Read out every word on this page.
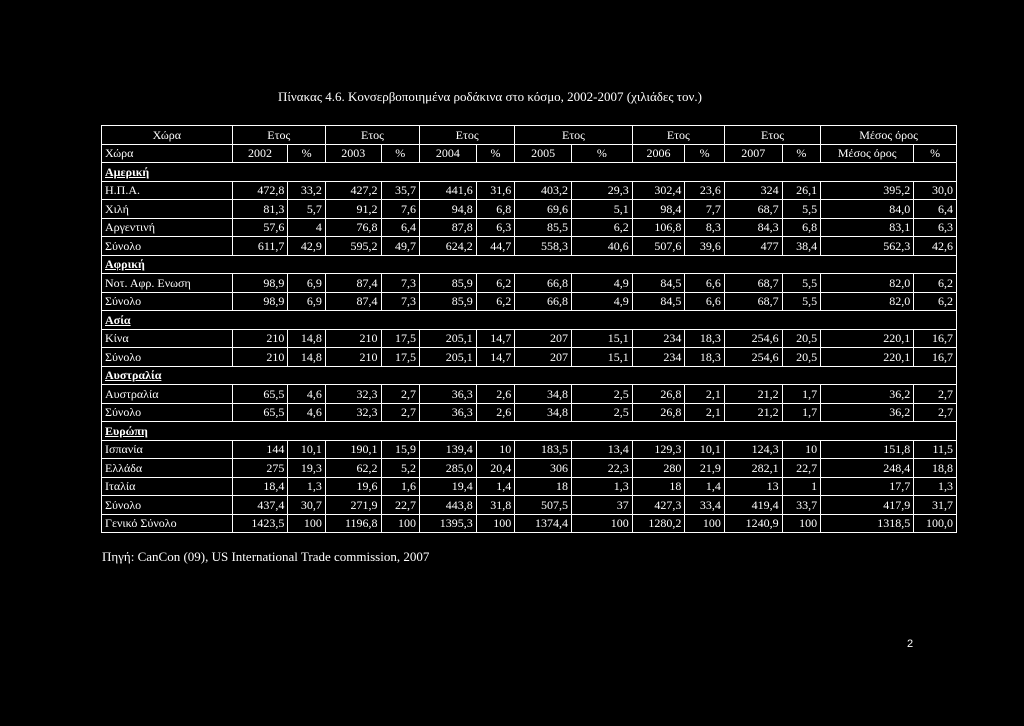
Πίνακας 4.6. Κονσερβοποιημένα ροδάκινα στο κόσμο, 2002-2007 (χιλιάδες τον.)
Χώρα	Ετος		Ετος		Ετος		Ετος		Ετος		Ετος		Μέσος όρος	
Χώρα	2002	%	2003	%	2004	%	2005	%	2006	%	2007	%	Μέσος όρος	%
Αμερική														
Η.Π.Α.	472,8	33,2	427,2	35,7	441,6	31,6	403,2	29,3	302,4	23,6	324	26,1	395,2	30,0
Χιλή	81,3	5,7	91,2	7,6	94,8	6,8	69,6	5,1	98,4	7,7	68,7	5,5	84,0	6,4
Αργεντινή	57,6	4	76,8	6,4	87,8	6,3	85,5	6,2	106,8	8,3	84,3	6,8	83,1	6,3
Σύνολο	611,7	42,9	595,2	49,7	624,2	44,7	558,3	40,6	507,6	39,6	477	38,4	562,3	42,6
Αφρική														
Νοτ. Αφρ. Ενωση	98,9	6,9	87,4	7,3	85,9	6,2	66,8	4,9	84,5	6,6	68,7	5,5	82,0	6,2
Σύνολο	98,9	6,9	87,4	7,3	85,9	6,2	66,8	4,9	84,5	6,6	68,7	5,5	82,0	6,2
Ασία														
Κίνα	210	14,8	210	17,5	205,1	14,7	207	15,1	234	18,3	254,6	20,5	220,1	16,7
Σύνολο	210	14,8	210	17,5	205,1	14,7	207	15,1	234	18,3	254,6	20,5	220,1	16,7
Αυστραλία														
Αυστραλία	65,5	4,6	32,3	2,7	36,3	2,6	34,8	2,5	26,8	2,1	21,2	1,7	36,2	2,7
Σύνολο	65,5	4,6	32,3	2,7	36,3	2,6	34,8	2,5	26,8	2,1	21,2	1,7	36,2	2,7
Ευρώπη														
Ισπανία	144	10,1	190,1	15,9	139,4	10	183,5	13,4	129,3	10,1	124,3	10	151,8	11,5
Ελλάδα	275	19,3	62,2	5,2	285,0	20,4	306	22,3	280	21,9	282,1	22,7	248,4	18,8
Ιταλία	18,4	1,3	19,6	1,6	19,4	1,4	18	1,3	18	1,4	13	1	17,7	1,3
Σύνολο	437,4	30,7	271,9	22,7	443,8	31,8	507,5	37	427,3	33,4	419,4	33,7	417,9	31,7
Γενικό Σύνολο	1423,5	100	1196,8	100	1395,3	100	1374,4	100	1280,2	100	1240,9	100	1318,5	100,0
Πηγή: CanCon (09), US International Trade commission, 2007
2
